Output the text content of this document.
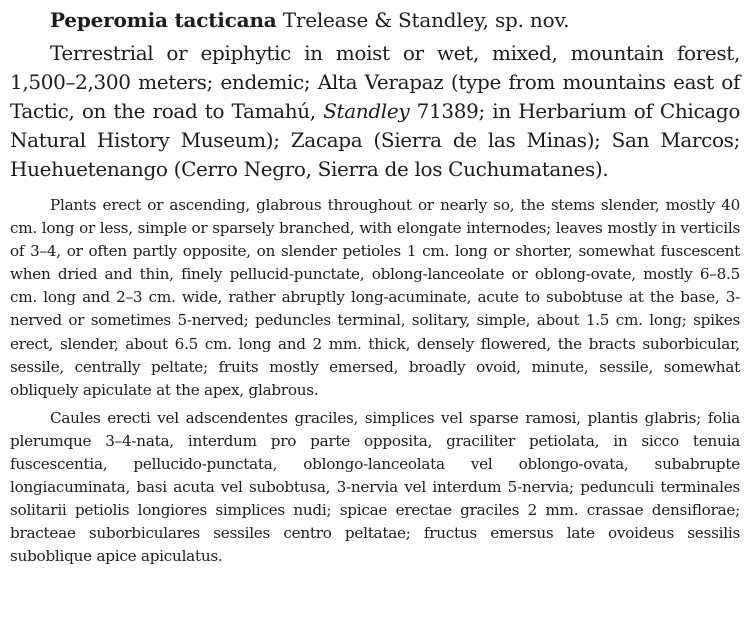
Peperomia tacticana Trelease & Standley, sp. nov.

Terrestrial or epiphytic in moist or wet, mixed, mountain forest, 1,500–2,300 meters; endemic; Alta Verapaz (type from mountains east of Tactic, on the road to Tamahú, Standley 71389; in Herbarium of Chicago Natural History Museum); Zacapa (Sierra de las Minas); San Marcos; Huehuetenango (Cerro Negro, Sierra de los Cuchumatanes).

Plants erect or ascending, glabrous throughout or nearly so, the stems slender, mostly 40 cm. long or less, simple or sparsely branched, with elongate internodes; leaves mostly in verticils of 3–4, or often partly opposite, on slender petioles 1 cm. long or shorter, somewhat fuscescent when dried and thin, finely pellucid-punctate, oblong-lanceolate or oblong-ovate, mostly 6–8.5 cm. long and 2–3 cm. wide, rather abruptly long-acuminate, acute to subobtuse at the base, 3-nerved or sometimes 5-nerved; peduncles terminal, solitary, simple, about 1.5 cm. long; spikes erect, slender, about 6.5 cm. long and 2 mm. thick, densely flowered, the bracts suborbicular, sessile, centrally peltate; fruits mostly emersed, broadly ovoid, minute, sessile, somewhat obliquely apiculate at the apex, glabrous.

Caules erecti vel adscendentes graciles, simplices vel sparse ramosi, plantis glabris; folia plerumque 3–4-nata, interdum pro parte opposita, graciliter petiolata, in sicco tenuia fuscescentia, pellucido-punctata, oblongo-lanceolata vel oblongo-ovata, subabrupte longiacuminata, basi acuta vel subobtusa, 3-nervia vel interdum 5-nervia; pedunculi terminales solitarii petiolis longiores simplices nudi; spicae erectae graciles 2 mm. crassae densiflorae; bracteae suborbiculares sessiles centro peltatae; fructus emersus late ovoideus sessilis suboblique apice apiculatus.
